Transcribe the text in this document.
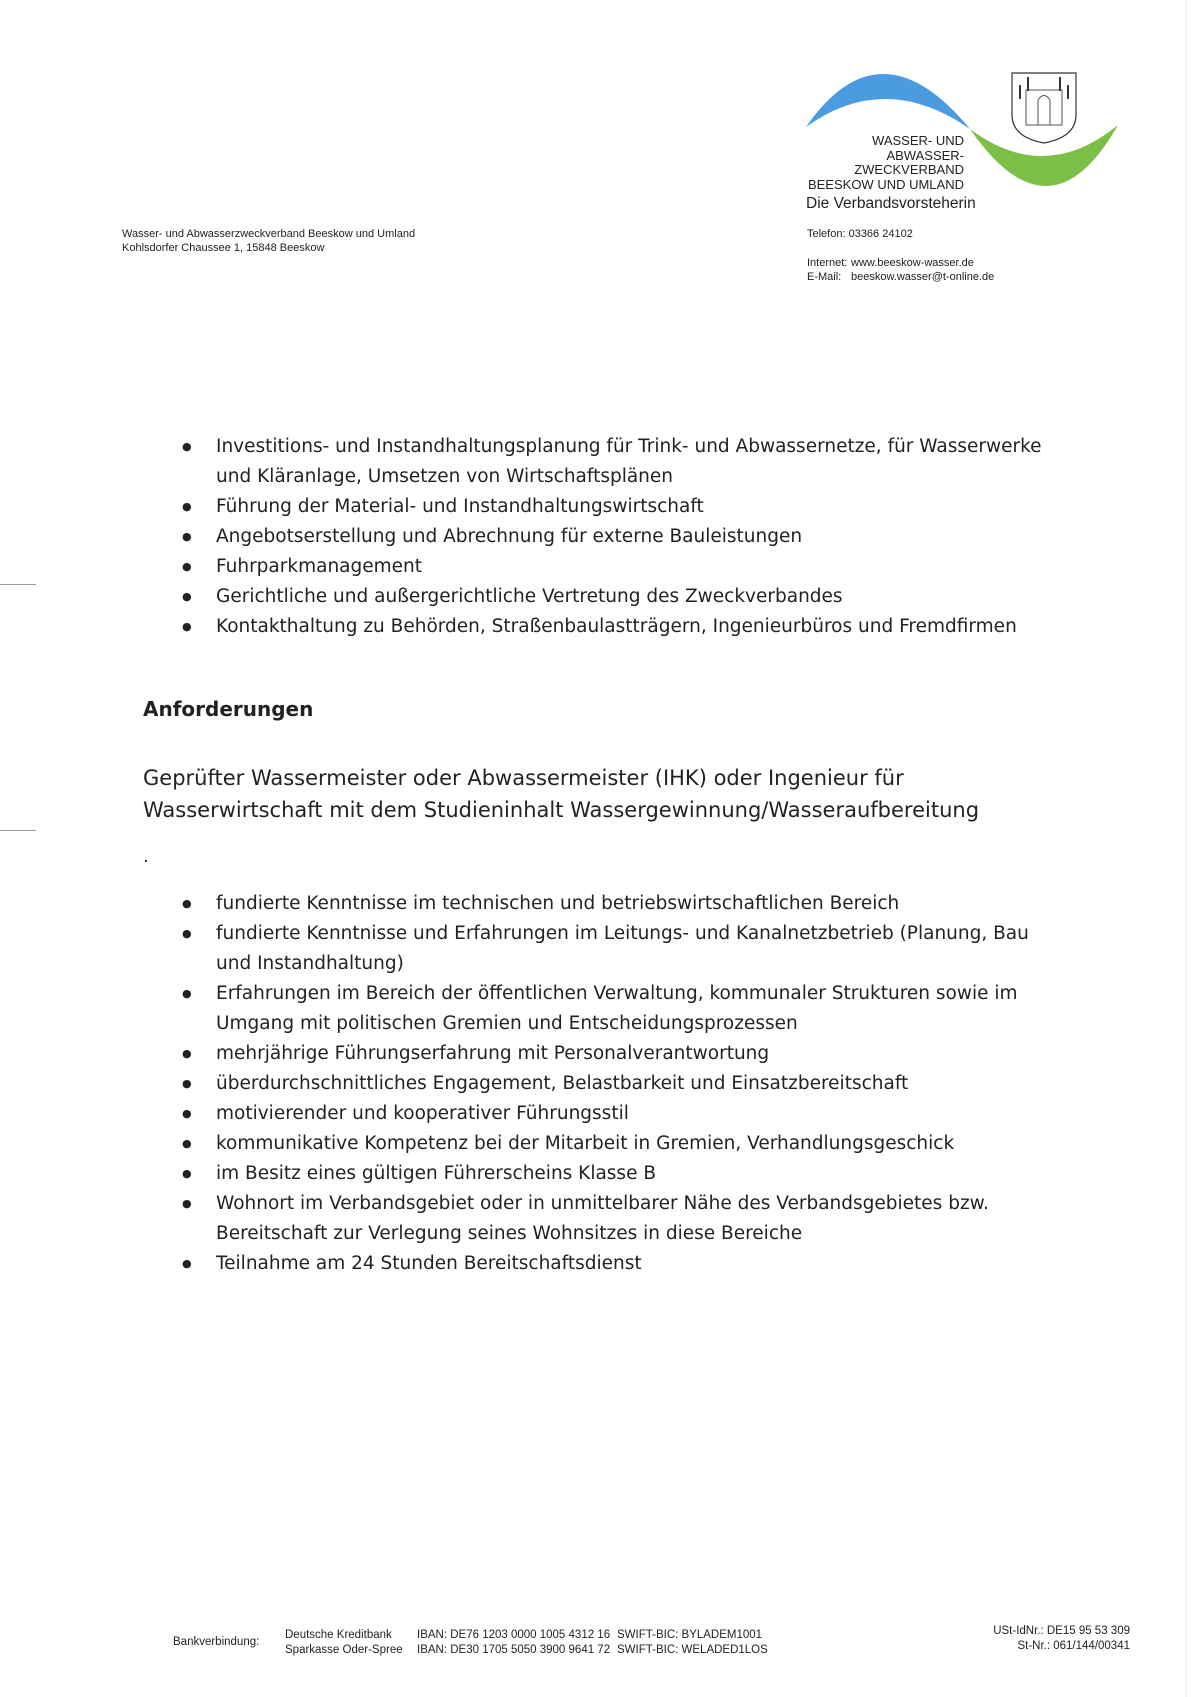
WASSER- UND ABWASSER-
ZWECKVERBAND
BEESKOW UND UMLAND
Die Verbandsvorsteherin
Telefon: 03366 24102
Internet: www.beeskow-wasser.de
E-Mail: beeskow.wasser@t-online.de
Wasser- und Abwasserzweckverband Beeskow und Umland
Kohlsdorfer Chaussee 1, 15848 Beeskow
● Investitions- und Instandhaltungsplanung für Trink- und Abwassernetze, für Wasserwerke und Kläranlage, Umsetzen von Wirtschaftsplänen
● Führung der Material- und Instandhaltungswirtschaft
● Angebotserstellung und Abrechnung für externe Bauleistungen
● Fuhrparkmanagement
● Gerichtliche und außergerichtliche Vertretung des Zweckverbandes
● Kontakthaltung zu Behörden, Straßenbaulastträgern, Ingenieurbüros und Fremdfirmen
Anforderungen
Geprüfter Wassermeister oder Abwassermeister (IHK) oder Ingenieur für Wasserwirtschaft mit dem Studieninhalt Wassergewinnung/Wasseraufbereitung
.
● fundierte Kenntnisse im technischen und betriebswirtschaftlichen Bereich
● fundierte Kenntnisse und Erfahrungen im Leitungs- und Kanalnetzbetrieb (Planung, Bau und Instandhaltung)
● Erfahrungen im Bereich der öffentlichen Verwaltung, kommunaler Strukturen sowie im Umgang mit politischen Gremien und Entscheidungsprozessen
● mehrjährige Führungserfahrung mit Personalverantwortung
● überdurchschnittliches Engagement, Belastbarkeit und Einsatzbereitschaft
● motivierender und kooperativer Führungsstil
● kommunikative Kompetenz bei der Mitarbeit in Gremien, Verhandlungsgeschick
● im Besitz eines gültigen Führerscheins Klasse B
● Wohnort im Verbandsgebiet oder in unmittelbarer Nähe des Verbandsgebietes bzw. Bereitschaft zur Verlegung seines Wohnsitzes in diese Bereiche
● Teilnahme am 24 Stunden Bereitschaftsdienst
Bankverbindung:
Deutsche Kreditbank
Sparkasse Oder-Spree
IBAN: DE76 1203 0000 1005 4312 16
IBAN: DE30 1705 5050 3900 9641 72
SWIFT-BIC: BYLADEM1001
SWIFT-BIC: WELADED1LOS
USt-IdNr.: DE15 95 53 309
St-Nr.: 061/144/00341
